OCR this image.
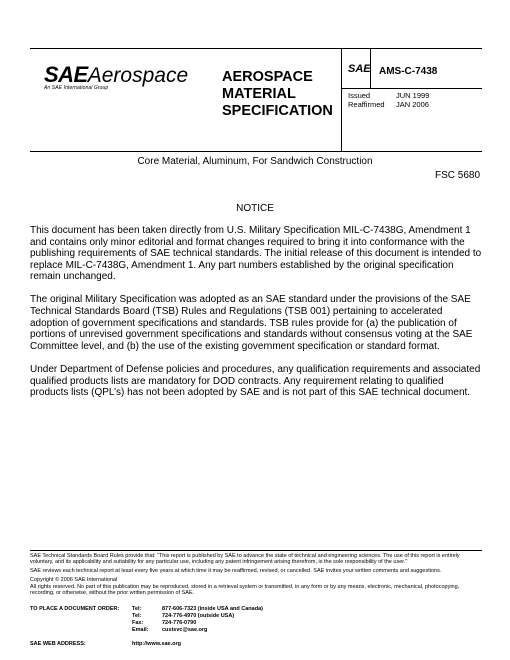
SAEAerospace
An SAE International Group
AEROSPACE MATERIAL SPECIFICATION
SAE AMS-C-7438
Issued	JUN 1999
Reaffirmed	JAN 2006
Core Material, Aluminum, For Sandwich Construction
FSC 5680
NOTICE

This document has been taken directly from U.S. Military Specification MIL-C-7438G, Amendment 1 and contains only minor editorial and format changes required to bring it into conformance with the publishing requirements of SAE technical standards. The initial release of this document is intended to replace MIL-C-7438G, Amendment 1. Any part numbers established by the original specification remain unchanged.

The original Military Specification was adopted as an SAE standard under the provisions of the SAE Technical Standards Board (TSB) Rules and Regulations (TSB 001) pertaining to accelerated adoption of government specifications and standards. TSB rules provide for (a) the publication of portions of unrevised government specifications and standards without consensus voting at the SAE Committee level, and (b) the use of the existing government specification or standard format.

Under Department of Defense policies and procedures, any qualification requirements and associated qualified products lists are mandatory for DOD contracts. Any requirement relating to qualified products lists (QPL’s) has not been adopted by SAE and is not part of this SAE technical document.

SAE Technical Standards Board Rules provide that: “This report is published by SAE to advance the state of technical and engineering sciences. The use of this report is entirely voluntary, and its applicability and suitability for any particular use, including any patent infringement arising therefrom, is the sole responsibility of the user.”

SAE reviews each technical report at least every five years at which time it may be reaffirmed, revised, or cancelled. SAE invites your written comments and suggestions.

Copyright © 2006 SAE International

All rights reserved. No part of this publication may be reproduced, stored in a retrieval system or transmitted, in any form or by any means, electronic, mechanical, photocopying, recording, or otherwise, without the prior written permission of SAE.

TO PLACE A DOCUMENT ORDER:	Tel:	877-606-7323 (inside USA and Canada)
Tel:	724-776-4970 (outside USA)
Fax:	724-776-0790
Email:	custsvc@sae.org
SAE WEB ADDRESS:	http://www.sae.org
